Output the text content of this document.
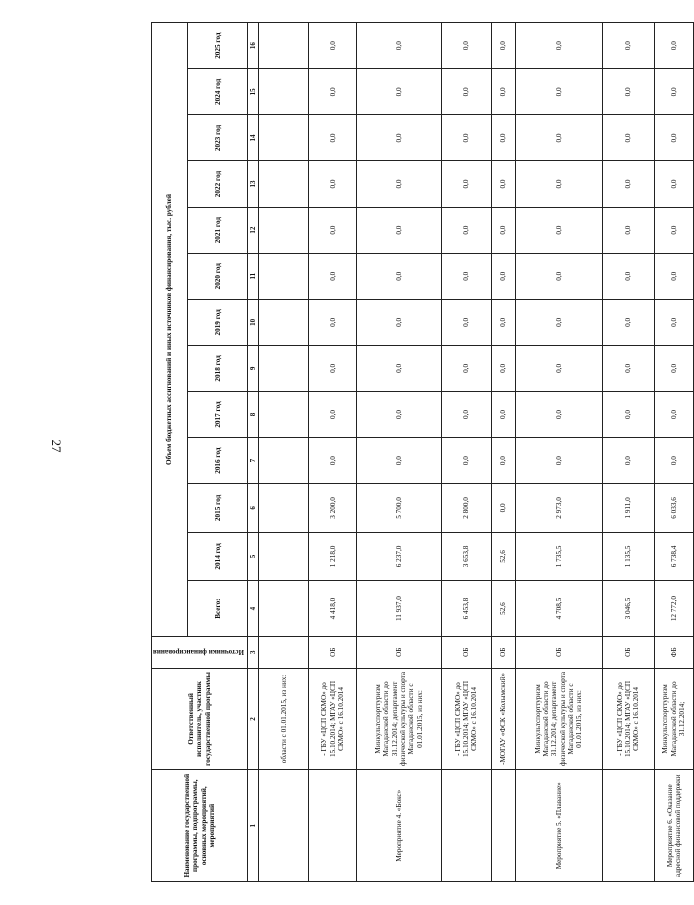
27
Наименование государственной программы, подпрограммы, основных мероприятий, мероприятий	Ответственный исполнитель, участник государственной программы	Источники финансирования	Объем бюджетных ассигнований и иных источников финансирования, тыс. рублей												
			Всего:	2014 год	2015 год	2016 год	2017 год	2018 год	2019 год	2020 год	2021 год	2022 год	2023 год	2024 год	2025 год
1	2	3	4	5	6	7	8	9	10	11	12	13	14	15	16
	области с 01.01.2015, из них:														
	- ГБУ «ЦСП СКМО» до 15.10.2014; МГАУ «ЦСП СКМО» с 16.10.2014	ОБ	4 418,0	1 218,0	3 200,0	0,0	0,0	0,0	0,0	0,0	0,0	0,0	0,0	0,0	0,0
Мероприятие 4. «Бокс»	Минкультспорттуризм Магаданской области до 31.12.2014; департамент физической культуры и спорта Магаданской области с 01.01.2015, из них:	ОБ	11 937,0	6 237,0	5 700,0	0,0	0,0	0,0	0,0	0,0	0,0	0,0	0,0	0,0	0,0
	- ГБУ «ЦСП СКМО» до 15.10.2014; МГАУ «ЦСП СКМО» с 16.10.2014	ОБ	6 453,8	3 653,8	2 800,0	0,0	0,0	0,0	0,0	0,0	0,0	0,0	0,0	0,0	0,0
	-МОГАУ «ФСК «Колымский»	ОБ	52,6	52,6	0,0	0,0	0,0	0,0	0,0	0,0	0,0	0,0	0,0	0,0	0,0
Мероприятие 5. «Плавание»	Минкультспорттуризм Магаданской области до 31.12.2014; департамент физической культуры и спорта Магаданской области с 01.01.2015, из них:	ОБ	4 708,5	1 735,5	2 973,0	0,0	0,0	0,0	0,0	0,0	0,0	0,0	0,0	0,0	0,0
	- ГБУ «ЦСП СКМО» до 15.10.2014; МГАУ «ЦСП СКМО» с 16.10.2014	ОБ	3 046,5	1 135,5	1 911,0	0,0	0,0	0,0	0,0	0,0	0,0	0,0	0,0	0,0	0,0
Мероприятие 6. «Оказание адресной финансовой поддержки	Минкультспорттуризм Магаданской области до 31.12.2014;	ФБ	12 772,0	6 738,4	6 033,6	0,0	0,0	0,0	0,0	0,0	0,0	0,0	0,0	0,0	0,0
